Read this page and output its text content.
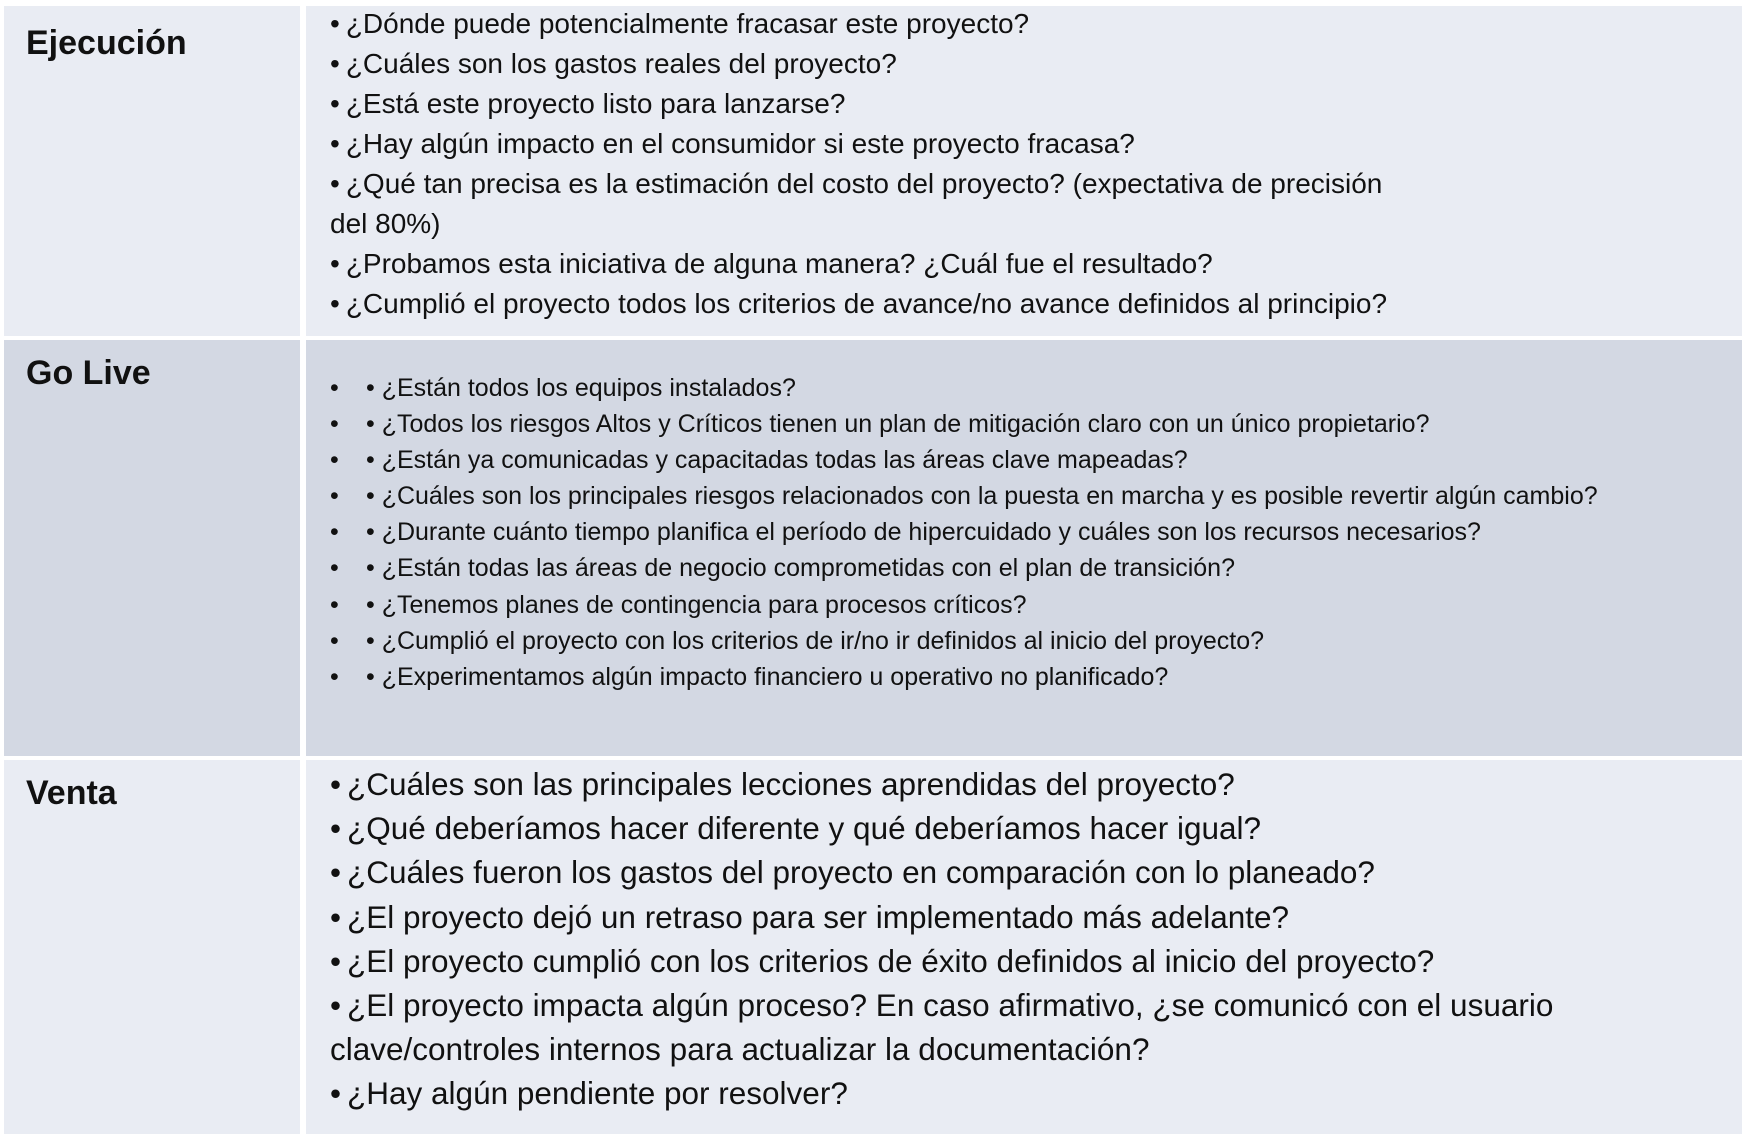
Ejecución
• ¿Dónde puede potencialmente fracasar este proyecto?
• ¿Cuáles son los gastos reales del proyecto?
• ¿Está este proyecto listo para lanzarse?
• ¿Hay algún impacto en el consumidor si este proyecto fracasa?
• ¿Qué tan precisa es la estimación del costo del proyecto? (expectativa de precisión
del 80%)
• ¿Probamos esta iniciativa de alguna manera? ¿Cuál fue el resultado?
• ¿Cumplió el proyecto todos los criterios de avance/no avance definidos al principio?
Go Live	•	• ¿Están todos los equipos instalados?
•	• ¿Todos los riesgos Altos y Críticos tienen un plan de mitigación claro con un único propietario?
•	• ¿Están ya comunicadas y capacitadas todas las áreas clave mapeadas?
•	• ¿Cuáles son los principales riesgos relacionados con la puesta en marcha y es posible revertir algún cambio?
•	• ¿Durante cuánto tiempo planifica el período de hipercuidado y cuáles son los recursos necesarios?
•	• ¿Están todas las áreas de negocio comprometidas con el plan de transición?
•	• ¿Tenemos planes de contingencia para procesos críticos?
•	• ¿Cumplió el proyecto con los criterios de ir/no ir definidos al inicio del proyecto?
•	• ¿Experimentamos algún impacto financiero u operativo no planificado?
Venta	• ¿Cuáles son las principales lecciones aprendidas del proyecto?
• ¿Qué deberíamos hacer diferente y qué deberíamos hacer igual?
• ¿Cuáles fueron los gastos del proyecto en comparación con lo planeado?
• ¿El proyecto dejó un retraso para ser implementado más adelante?
• ¿El proyecto cumplió con los criterios de éxito definidos al inicio del proyecto?
• ¿El proyecto impacta algún proceso? En caso afirmativo, ¿se comunicó con el usuario
clave/controles internos para actualizar la documentación?
• ¿Hay algún pendiente por resolver?
